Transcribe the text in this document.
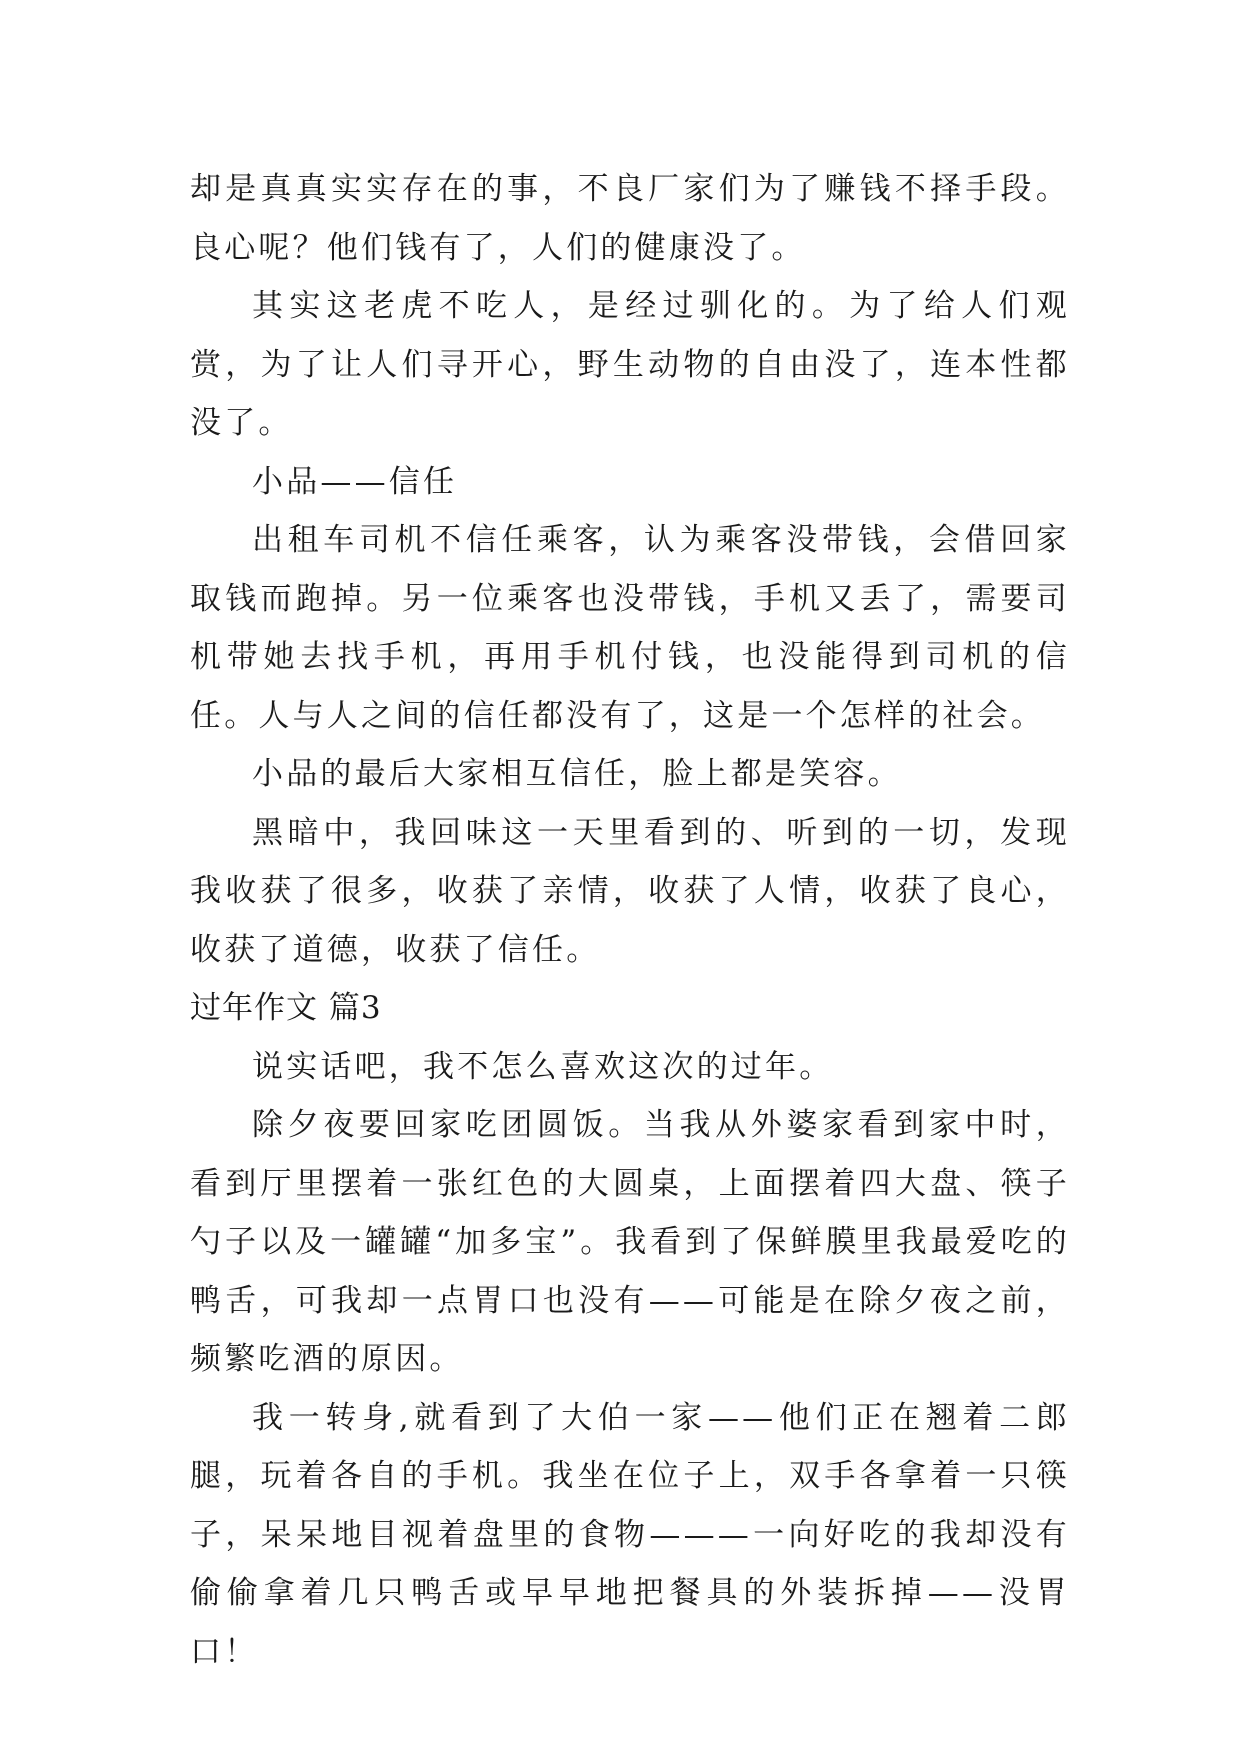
却是真真实实存在的事，不良厂家们为了赚钱不择手段。良心呢？他们钱有了，人们的健康没了。

其实这老虎不吃人，是经过驯化的。为了给人们观赏，为了让人们寻开心，野生动物的自由没了，连本性都没了。

小品——信任

出租车司机不信任乘客，认为乘客没带钱，会借回家取钱而跑掉。另一位乘客也没带钱，手机又丢了，需要司机带她去找手机，再用手机付钱，也没能得到司机的信任。人与人之间的信任都没有了，这是一个怎样的社会。

小品的最后大家相互信任，脸上都是笑容。

黑暗中，我回味这一天里看到的、听到的一切，发现我收获了很多，收获了亲情，收获了人情，收获了良心，收获了道德，收获了信任。

过年作文 篇3

说实话吧，我不怎么喜欢这次的过年。

除夕夜要回家吃团圆饭。当我从外婆家看到家中时，看到厅里摆着一张红色的大圆桌，上面摆着四大盘、筷子勺子以及一罐罐“加多宝”。我看到了保鲜膜里我最爱吃的鸭舌，可我却一点胃口也没有——可能是在除夕夜之前，频繁吃酒的原因。

我一转身,就看到了大伯一家——他们正在翘着二郎腿，玩着各自的手机。我坐在位子上，双手各拿着一只筷子，呆呆地目视着盘里的食物———一向好吃的我却没有偷偷拿着几只鸭舌或早早地把餐具的外装拆掉——没胃口！
